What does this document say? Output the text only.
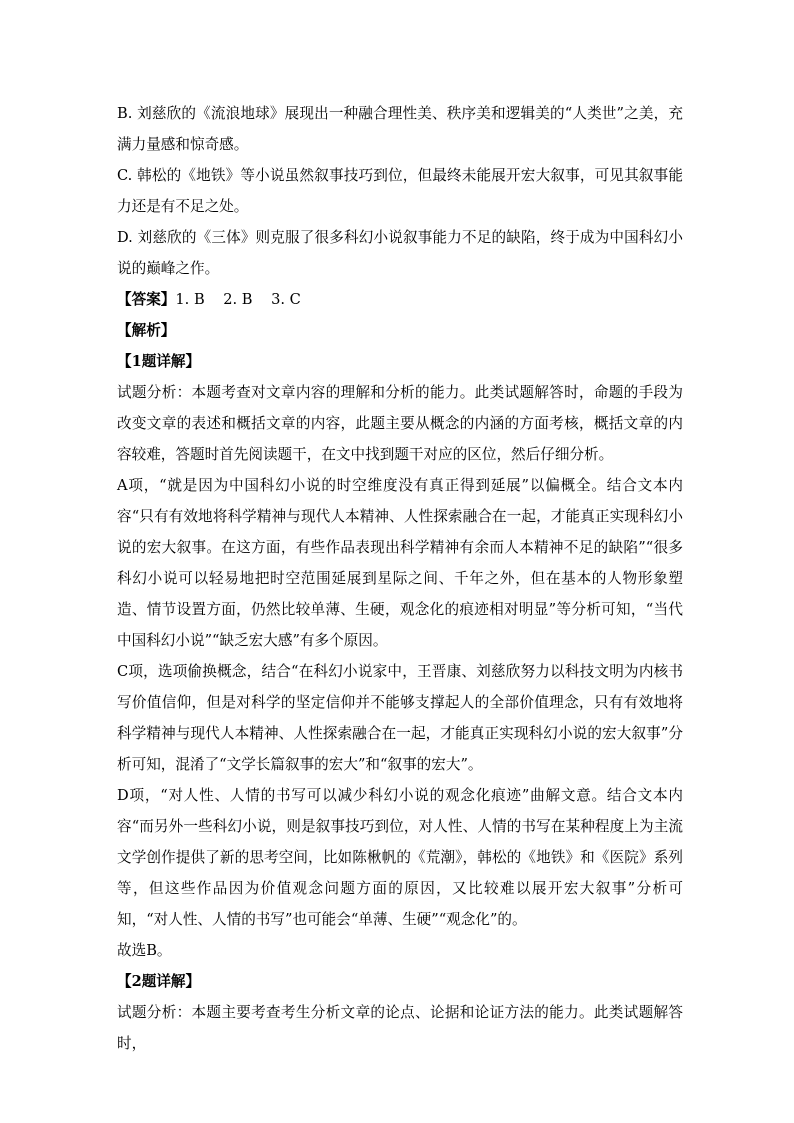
B. 刘慈欣的《流浪地球》展现出一种融合理性美、秩序美和逻辑美的“人类世”之美，充满力量感和惊奇感。

C. 韩松的《地铁》等小说虽然叙事技巧到位，但最终未能展开宏大叙事，可见其叙事能力还是有不足之处。

D. 刘慈欣的《三体》则克服了很多科幻小说叙事能力不足的缺陷，终于成为中国科幻小说的巅峰之作。

【答案】1. B    2. B    3. C

【解析】

【1题详解】

试题分析：本题考查对文章内容的理解和分析的能力。此类试题解答时，命题的手段为改变文章的表述和概括文章的内容，此题主要从概念的内涵的方面考核，概括文章的内容较难，答题时首先阅读题干，在文中找到题干对应的区位，然后仔细分析。

A项，“就是因为中国科幻小说的时空维度没有真正得到延展”以偏概全。结合文本内容“只有有效地将科学精神与现代人本精神、人性探索融合在一起，才能真正实现科幻小说的宏大叙事。在这方面，有些作品表现出科学精神有余而人本精神不足的缺陷”“很多科幻小说可以轻易地把时空范围延展到星际之间、千年之外，但在基本的人物形象塑造、情节设置方面，仍然比较单薄、生硬，观念化的痕迹相对明显”等分析可知，“当代中国科幻小说”“缺乏宏大感”有多个原因。

C项，选项偷换概念，结合“在科幻小说家中，王晋康、刘慈欣努力以科技文明为内核书写价值信仰，但是对科学的坚定信仰并不能够支撑起人的全部价值理念，只有有效地将科学精神与现代人本精神、人性探索融合在一起，才能真正实现科幻小说的宏大叙事”分析可知，混淆了“文学长篇叙事的宏大”和“叙事的宏大”。

D项，“对人性、人情的书写可以减少科幻小说的观念化痕迹”曲解文意。结合文本内容“而另外一些科幻小说，则是叙事技巧到位，对人性、人情的书写在某种程度上为主流文学创作提供了新的思考空间，比如陈楸帆的《荒潮》，韩松的《地铁》和《医院》系列等，但这些作品因为价值观念问题方面的原因，又比较难以展开宏大叙事”分析可知，“对人性、人情的书写”也可能会“单薄、生硬”“观念化”的。

故选B。

【2题详解】

试题分析：本题主要考查考生分析文章的论点、论据和论证方法的能力。此类试题解答时，
